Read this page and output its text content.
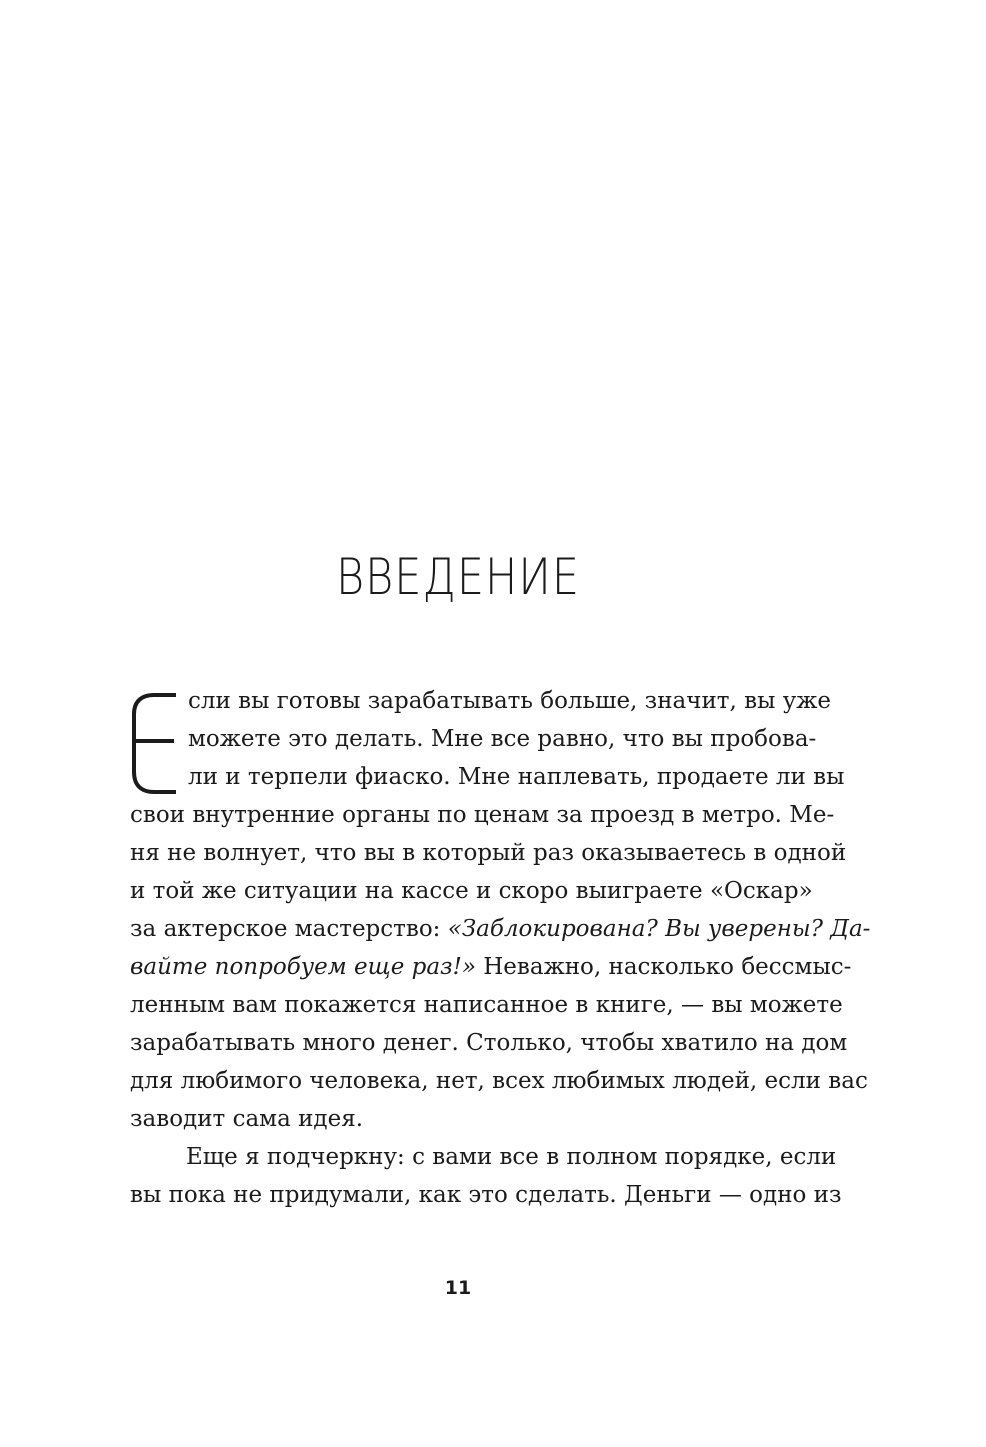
ВВЕДЕНИЕ
сли вы готовы зарабатывать больше, значит, вы уже
можете это делать. Мне все равно, что вы пробова-
ли и терпели фиаско. Мне наплевать, продаете ли вы
свои внутренние органы по ценам за проезд в метро. Ме-
ня не волнует, что вы в который раз оказываетесь в одной
и той же ситуации на кассе и скоро выиграете «Оскар»
за актерское мастерство: «Заблокирована? Вы уверены? Да-
вайте попробуем еще раз!» Неважно, насколько бессмыс-
ленным вам покажется написанное в книге, — вы можете
зарабатывать много денег. Столько, чтобы хватило на дом
для любимого человека, нет, всех любимых людей, если вас
заводит сама идея.
Еще я подчеркну: с вами все в полном порядке, если
вы пока не придумали, как это сделать. Деньги — одно из
11
